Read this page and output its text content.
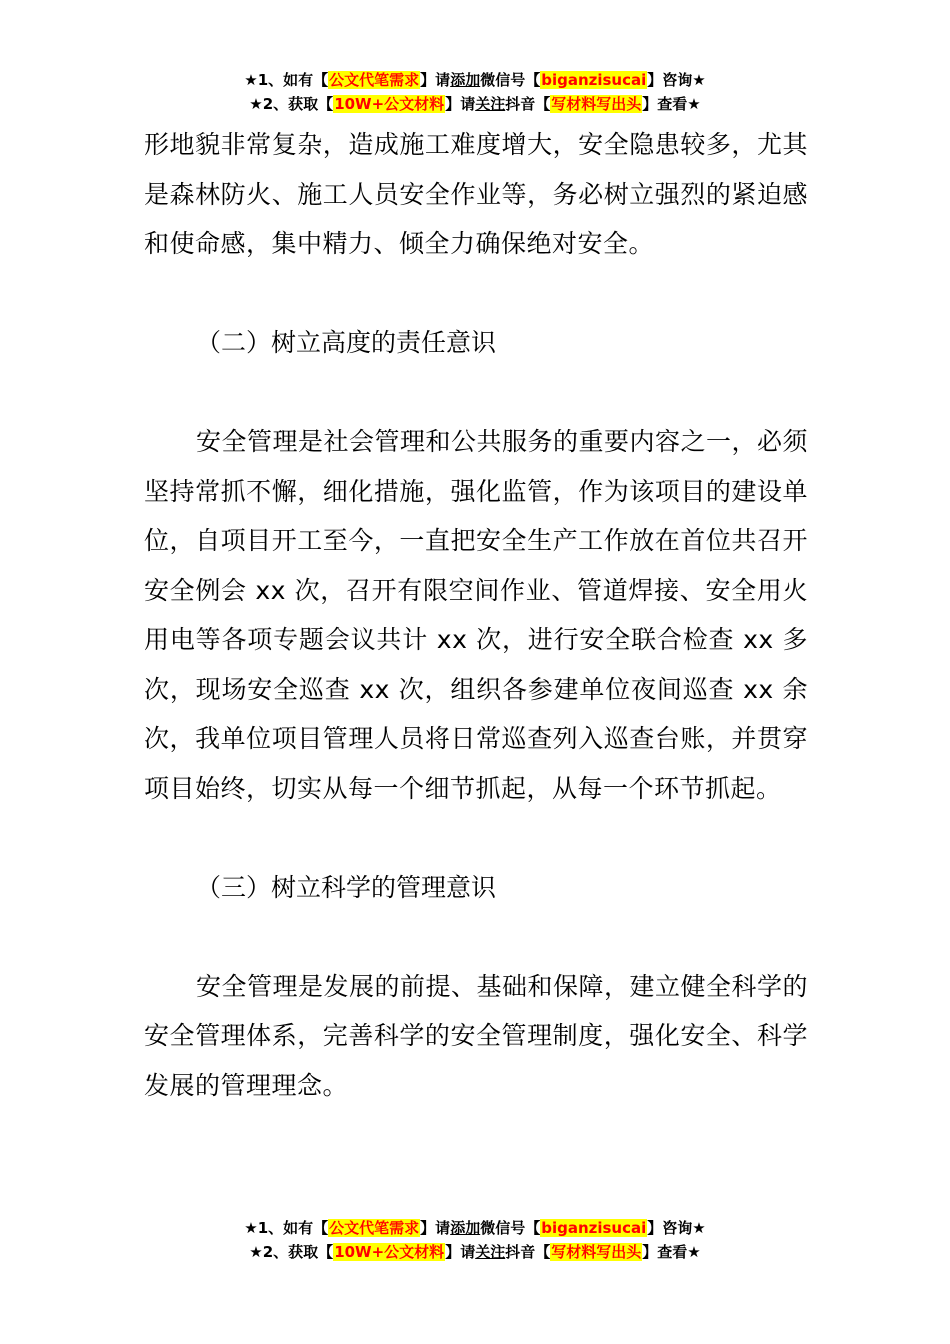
★1、如有【公文代笔需求】请添加微信号【biganzisucai】咨询★
★2、获取【10W+公文材料】请关注抖音【写材料写出头】查看★

形地貌非常复杂，造成施工难度增大，安全隐患较多，尤其是森林防火、施工人员安全作业等，务必树立强烈的紧迫感和使命感，集中精力、倾全力确保绝对安全。

（二）树立高度的责任意识

安全管理是社会管理和公共服务的重要内容之一，必须坚持常抓不懈，细化措施，强化监管，作为该项目的建设单位，自项目开工至今，一直把安全生产工作放在首位共召开安全例会 xx 次，召开有限空间作业、管道焊接、安全用火用电等各项专题会议共计 xx 次，进行安全联合检查 xx 多次，现场安全巡查 xx 次，组织各参建单位夜间巡查 xx 余次，我单位项目管理人员将日常巡查列入巡查台账，并贯穿项目始终，切实从每一个细节抓起，从每一个环节抓起。

（三）树立科学的管理意识

安全管理是发展的前提、基础和保障，建立健全科学的安全管理体系，完善科学的安全管理制度，强化安全、科学发展的管理理念。

★1、如有【公文代笔需求】请添加微信号【biganzisucai】咨询★
★2、获取【10W+公文材料】请关注抖音【写材料写出头】查看★
